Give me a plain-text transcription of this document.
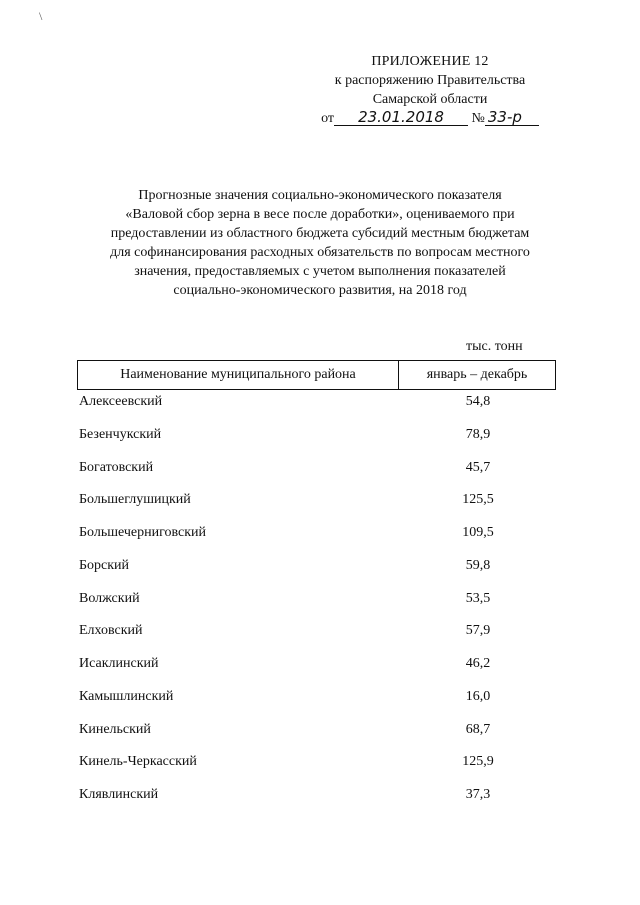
\
ПРИЛОЖЕНИЕ 12
к распоряжению Правительства
Самарской области
от 23.01.2018 № 33-р
Прогнозные значения социально-экономического показателя
«Валовой сбор зерна в весе после доработки», оцениваемого при
предоставлении из областного бюджета субсидий местным бюджетам
для софинансирования расходных обязательств по вопросам местного
значения, предоставляемых с учетом выполнения показателей
социально-экономического развития, на 2018 год
тыс. тонн
Наименование муниципального района	январь – декабрь
Алексеевский	54,8
Безенчукский	78,9
Богатовский	45,7
Большеглушицкий	125,5
Большечерниговский	109,5
Борский	59,8
Волжский	53,5
Елховский	57,9
Исаклинский	46,2
Камышлинский	16,0
Кинельский	68,7
Кинель-Черкасский	125,9
Клявлинский	37,3
